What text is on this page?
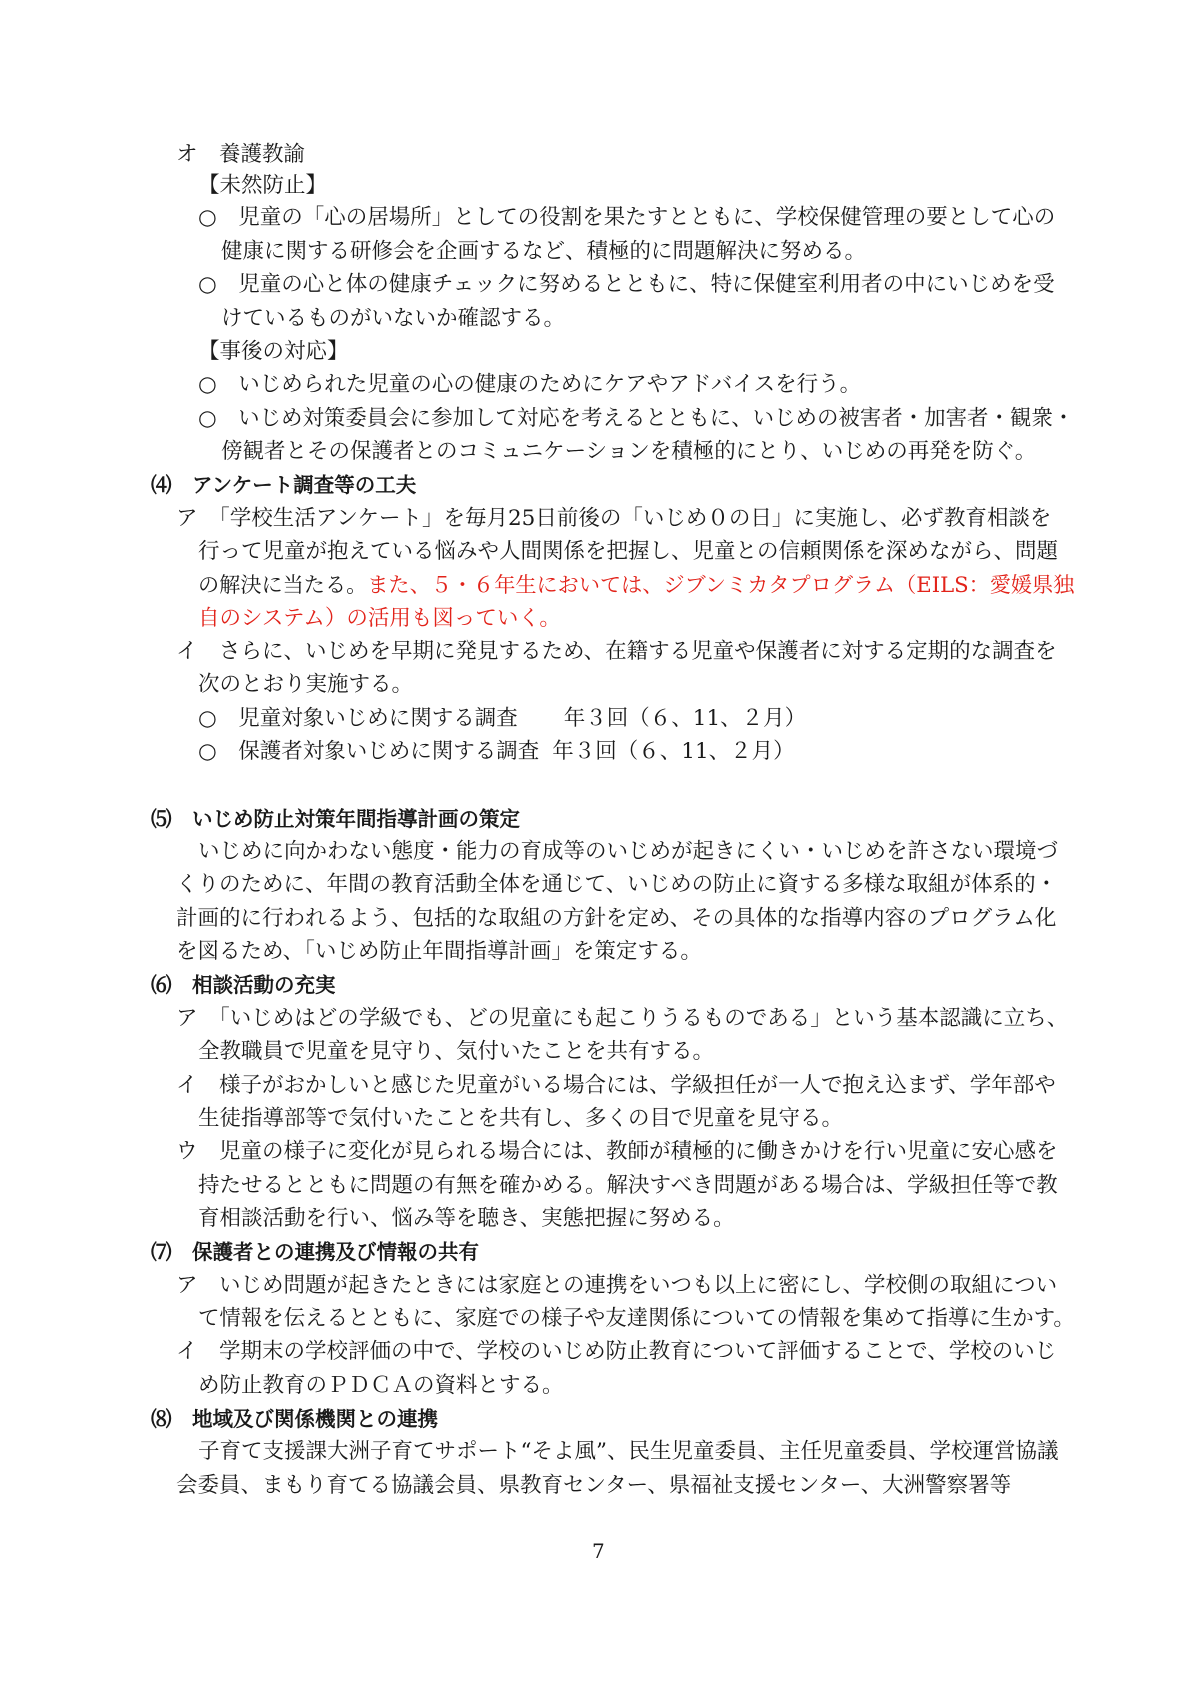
オ　養護教諭
【未然防止】
○　児童の「心の居場所」としての役割を果たすとともに、学校保健管理の要として心の
健康に関する研修会を企画するなど、積極的に問題解決に努める。
○　児童の心と体の健康チェックに努めるとともに、特に保健室利用者の中にいじめを受
けているものがいないか確認する。
【事後の対応】
○　いじめられた児童の心の健康のためにケアやアドバイスを行う。
○　いじめ対策委員会に参加して対応を考えるとともに、いじめの被害者・加害者・観衆・
傍観者とその保護者とのコミュニケーションを積極的にとり、いじめの再発を防ぐ。
⑷　アンケート調査等の工夫
ア　「学校生活アンケート」を毎月25日前後の「いじめ０の日」に実施し、必ず教育相談を
行って児童が抱えている悩みや人間関係を把握し、児童との信頼関係を深めながら、問題
の解決に当たる。また、５・６年生においては、ジブンミカタプログラム（EILS：愛媛県独
自のシステム）の活用も図っていく。
イ　さらに、いじめを早期に発見するため、在籍する児童や保護者に対する定期的な調査を
次のとおり実施する。
○　児童対象いじめに関する調査 年３回（６、11、２月）
○　保護者対象いじめに関する調査 年３回（６、11、２月）
⑸　いじめ防止対策年間指導計画の策定
いじめに向かわない態度・能力の育成等のいじめが起きにくい・いじめを許さない環境づ
くりのために、年間の教育活動全体を通じて、いじめの防止に資する多様な取組が体系的・
計画的に行われるよう、包括的な取組の方針を定め、その具体的な指導内容のプログラム化
を図るため、「いじめ防止年間指導計画」を策定する。
⑹　相談活動の充実
ア　「いじめはどの学級でも、どの児童にも起こりうるものである」という基本認識に立ち、
全教職員で児童を見守り、気付いたことを共有する。
イ　様子がおかしいと感じた児童がいる場合には、学級担任が一人で抱え込まず、学年部や
生徒指導部等で気付いたことを共有し、多くの目で児童を見守る。
ウ　児童の様子に変化が見られる場合には、教師が積極的に働きかけを行い児童に安心感を
持たせるとともに問題の有無を確かめる。解決すべき問題がある場合は、学級担任等で教
育相談活動を行い、悩み等を聴き、実態把握に努める。
⑺　保護者との連携及び情報の共有
ア　いじめ問題が起きたときには家庭との連携をいつも以上に密にし、学校側の取組につい
て情報を伝えるとともに、家庭での様子や友達関係についての情報を集めて指導に生かす。
イ　学期末の学校評価の中で、学校のいじめ防止教育について評価することで、学校のいじ
め防止教育のＰＤＣＡの資料とする。
⑻　地域及び関係機関との連携
子育て支援課大洲子育てサポート“そよ風”、民生児童委員、主任児童委員、学校運営協議
会委員、まもり育てる協議会員、県教育センター、県福祉支援センター、大洲警察署等
7
